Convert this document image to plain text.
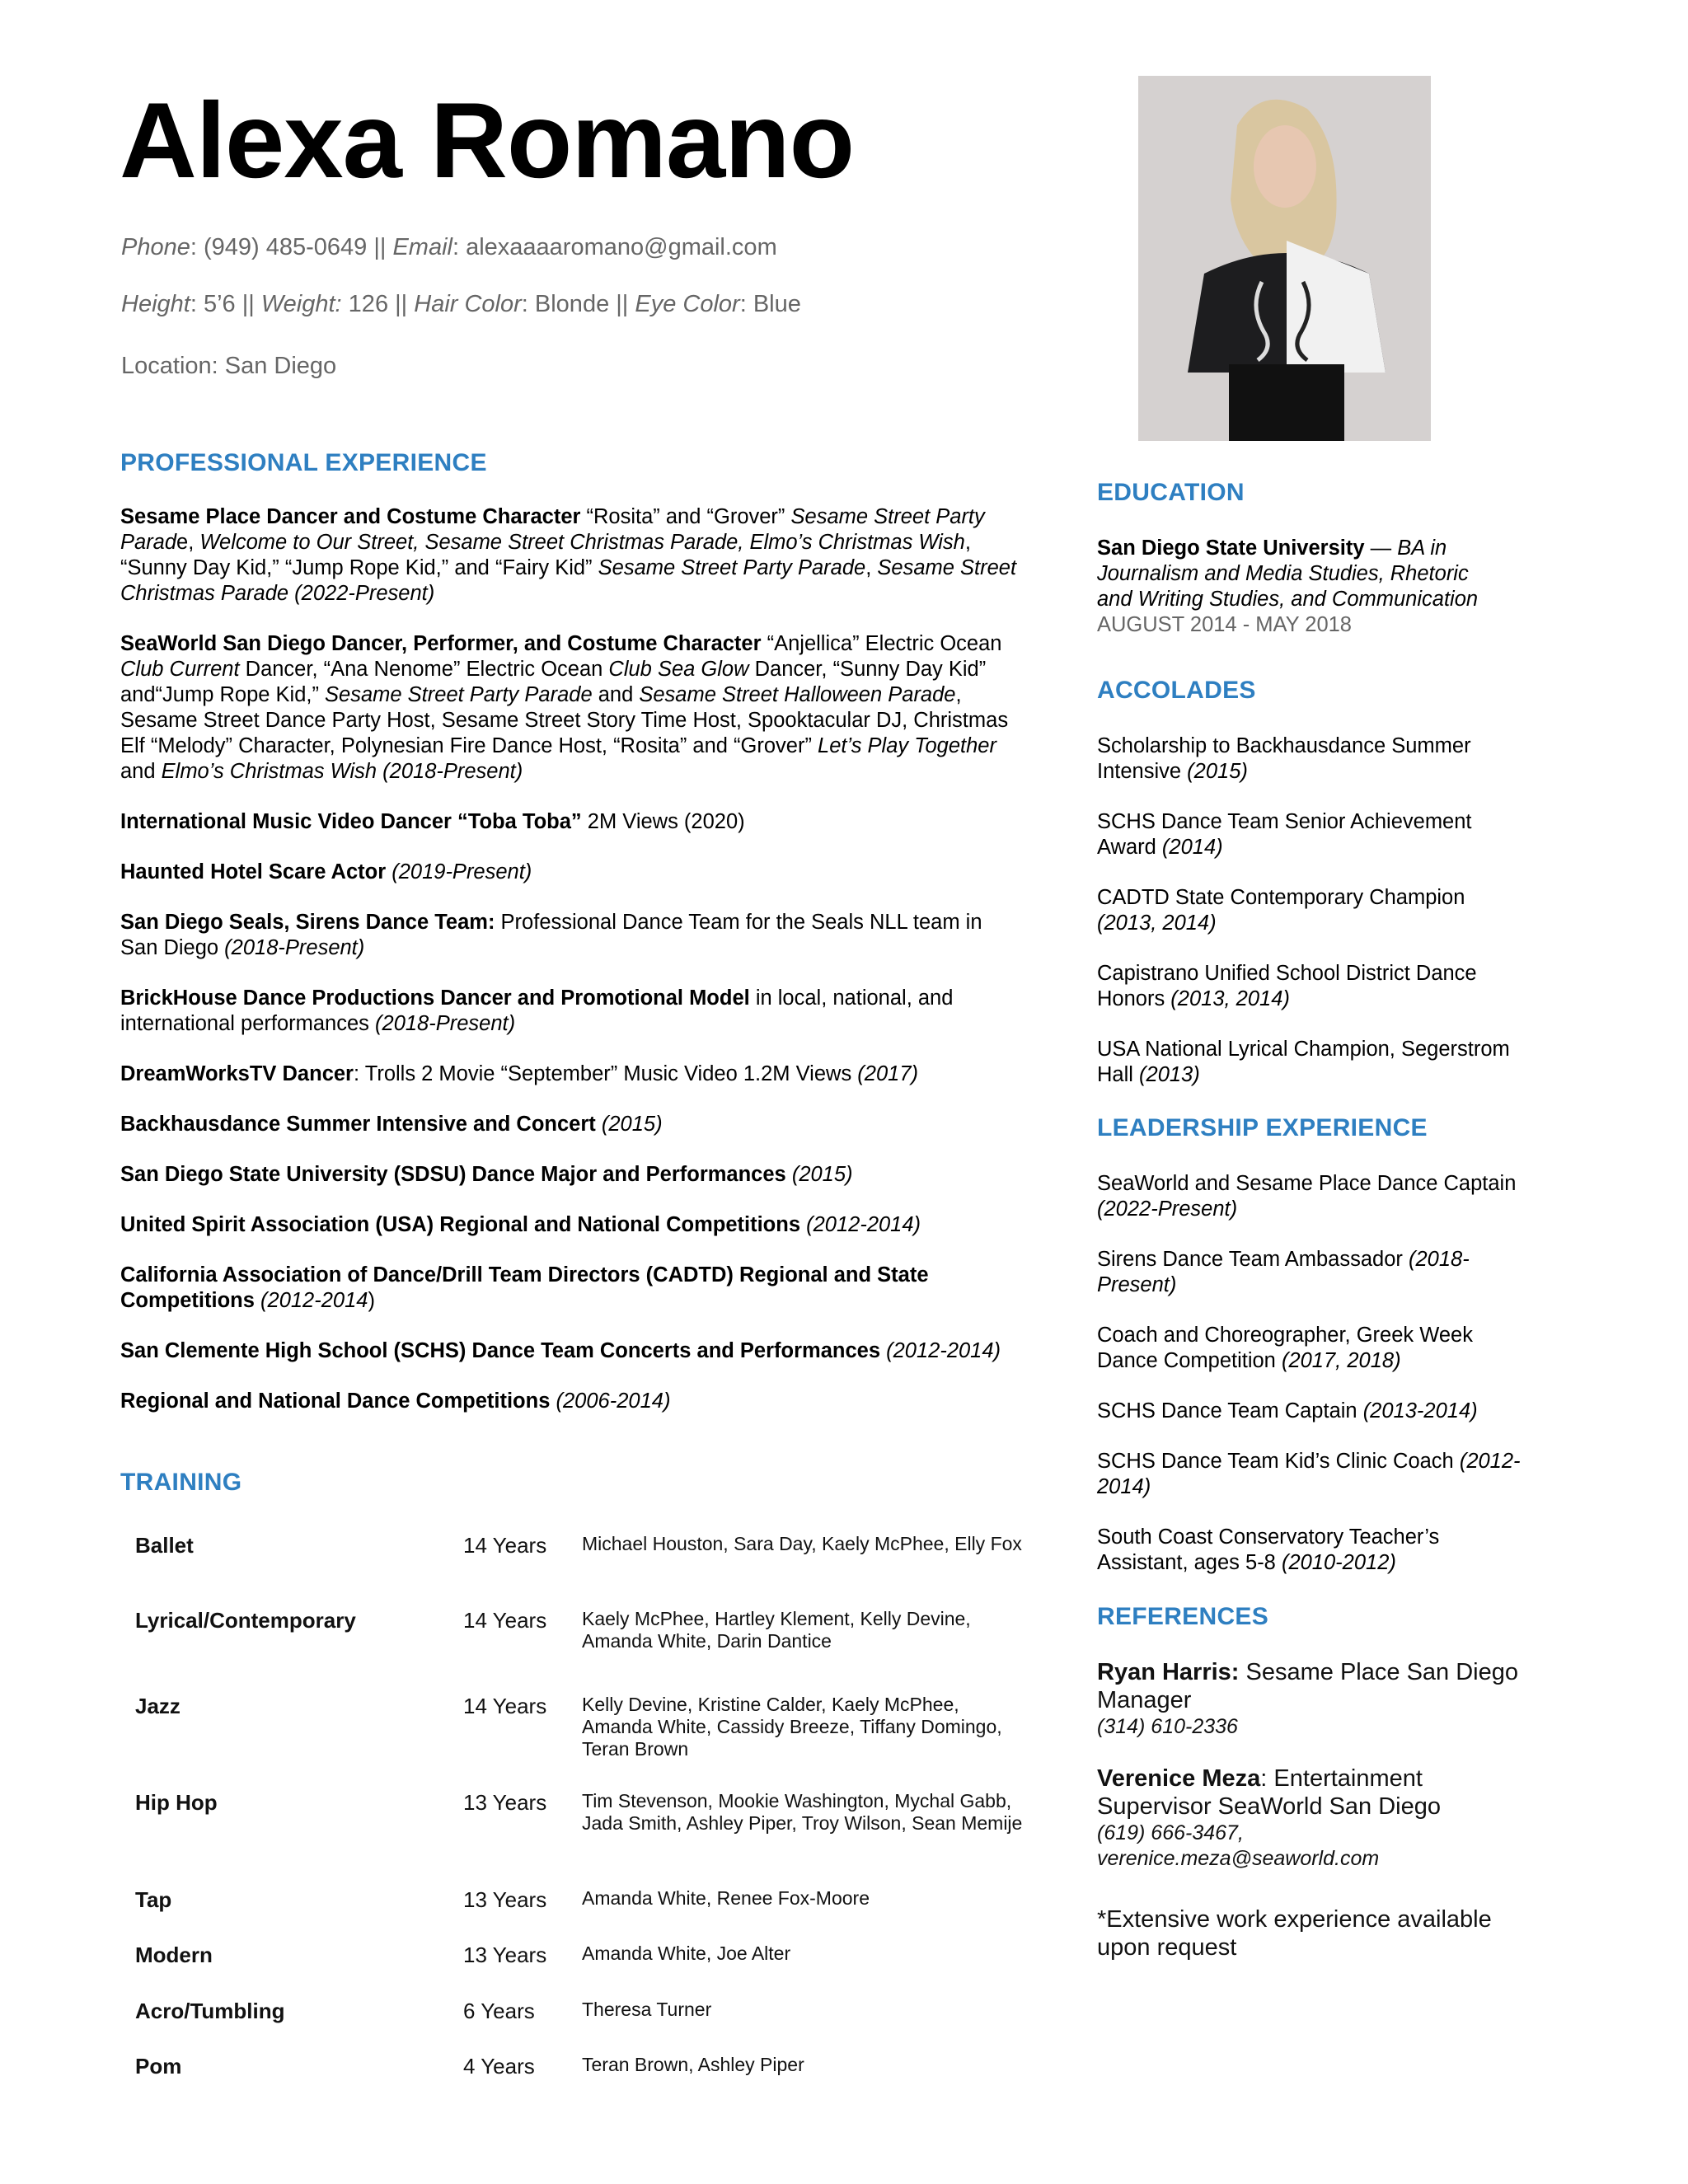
Alexa Romano
Phone: (949) 485-0649 || Email: alexaaaaromano@gmail.com
Height: 5’6 || Weight: 126 || Hair Color: Blonde || Eye Color: Blue
Location: San Diego
PROFESSIONAL EXPERIENCE
Sesame Place Dancer and Costume Character “Rosita” and “Grover” Sesame Street Party Parade, Welcome to Our Street, Sesame Street Christmas Parade, Elmo’s Christmas Wish, “Sunny Day Kid,” “Jump Rope Kid,” and “Fairy Kid” Sesame Street Party Parade, Sesame Street Christmas Parade (2022-Present)
SeaWorld San Diego Dancer, Performer, and Costume Character “Anjellica” Electric Ocean Club Current Dancer, “Ana Nenome” Electric Ocean Club Sea Glow Dancer, “Sunny Day Kid” and“Jump Rope Kid,” Sesame Street Party Parade and Sesame Street Halloween Parade, Sesame Street Dance Party Host, Sesame Street Story Time Host, Spooktacular DJ, Christmas Elf “Melody” Character, Polynesian Fire Dance Host, “Rosita” and “Grover” Let’s Play Together and Elmo’s Christmas Wish (2018-Present)
International Music Video Dancer “Toba Toba” 2M Views (2020)
Haunted Hotel Scare Actor (2019-Present)
San Diego Seals, Sirens Dance Team: Professional Dance Team for the Seals NLL team in San Diego (2018-Present)
BrickHouse Dance Productions Dancer and Promotional Model in local, national, and international performances (2018-Present)
DreamWorksTV Dancer: Trolls 2 Movie “September” Music Video 1.2M Views (2017)
Backhausdance Summer Intensive and Concert (2015)
San Diego State University (SDSU) Dance Major and Performances (2015)
United Spirit Association (USA) Regional and National Competitions (2012-2014)
California Association of Dance/Drill Team Directors (CADTD) Regional and State Competitions (2012-2014)
San Clemente High School (SCHS) Dance Team Concerts and Performances (2012-2014)
Regional and National Dance Competitions (2006-2014)
TRAINING
Ballet	14 Years Michael Houston, Sara Day, Kaely McPhee, Elly Fox
Lyrical/Contemporary	14 Years Kaely McPhee, Hartley Klement, Kelly Devine, Amanda White, Darin Dantice
Jazz	14 Years Kelly Devine, Kristine Calder, Kaely McPhee, Amanda White, Cassidy Breeze, Tiffany Domingo, Teran Brown
Hip Hop	13 Years Tim Stevenson, Mookie Washington, Mychal Gabb, Jada Smith, Ashley Piper, Troy Wilson, Sean Memije
Tap	13 Years Amanda White, Renee Fox-Moore
Modern	13 Years Amanda White, Joe Alter
Acro/Tumbling	6 Years Theresa Turner
Pom	4 Years Teran Brown, Ashley Piper
EDUCATION
San Diego State University — BA in Journalism and Media Studies, Rhetoric and Writing Studies, and Communication
AUGUST 2014 - MAY 2018
ACCOLADES
Scholarship to Backhausdance Summer Intensive (2015)
SCHS Dance Team Senior Achievement Award (2014)
CADTD State Contemporary Champion (2013, 2014)
Capistrano Unified School District Dance Honors (2013, 2014)
USA National Lyrical Champion, Segerstrom Hall (2013)
LEADERSHIP EXPERIENCE
SeaWorld and Sesame Place Dance Captain (2022-Present)
Sirens Dance Team Ambassador (2018-Present)
Coach and Choreographer, Greek Week Dance Competition (2017, 2018)
SCHS Dance Team Captain (2013-2014)
SCHS Dance Team Kid’s Clinic Coach (2012-2014)
South Coast Conservatory Teacher’s Assistant, ages 5-8 (2010-2012)
REFERENCES
Ryan Harris: Sesame Place San Diego Manager
(314) 610-2336
Verenice Meza: Entertainment Supervisor SeaWorld San Diego
(619) 666-3467, verenice.meza@seaworld.com
*Extensive work experience available upon request
